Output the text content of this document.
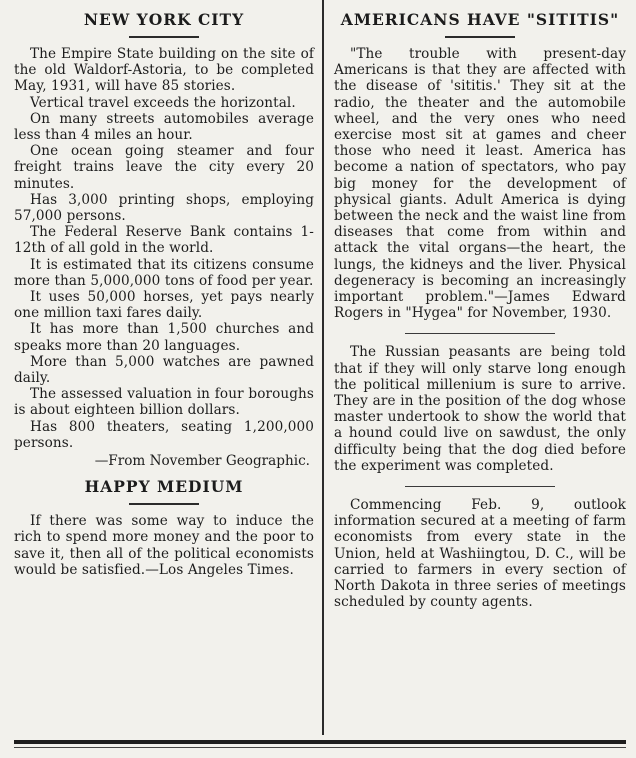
NEW YORK CITY

The Empire State building on the site of the old Waldorf-Astoria, to be completed May, 1931, will have 85 stories.

Vertical travel exceeds the horizontal.

On many streets automobiles average less than 4 miles an hour.

One ocean going steamer and four freight trains leave the city every 20 minutes.

Has 3,000 printing shops, employing 57,000 persons.

The Federal Reserve Bank contains 1-12th of all gold in the world.

It is estimated that its citizens consume more than 5,000,000 tons of food per year.

It uses 50,000 horses, yet pays nearly one million taxi fares daily.

It has more than 1,500 churches and speaks more than 20 languages.

More than 5,000 watches are pawned daily.

The assessed valuation in four boroughs is about eighteen billion dollars.

Has 800 theaters, seating 1,200,000 persons.

—From November Geographic.

HAPPY MEDIUM

If there was some way to induce the rich to spend more money and the poor to save it, then all of the political economists would be satisfied.—Los Angeles Times.

AMERICANS HAVE "SITITIS"

"The trouble with present-day Americans is that they are affected with the disease of 'sititis.' They sit at the radio, the theater and the automobile wheel, and the very ones who need exercise most sit at games and cheer those who need it least. America has become a nation of spectators, who pay big money for the development of physical giants. Adult America is dying between the neck and the waist line from diseases that come from within and attack the vital organs—the heart, the lungs, the kidneys and the liver. Physical degeneracy is becoming an increasingly important problem."—James Edward Rogers in "Hygea" for November, 1930.

The Russian peasants are being told that if they will only starve long enough the political millenium is sure to arrive. They are in the position of the dog whose master undertook to show the world that a hound could live on sawdust, the only difficulty being that the dog died before the experiment was completed.

Commencing Feb. 9, outlook information secured at a meeting of farm economists from every state in the Union, held at Washiingtou, D. C., will be carried to farmers in every section of North Dakota in three series of meetings scheduled by county agents.
